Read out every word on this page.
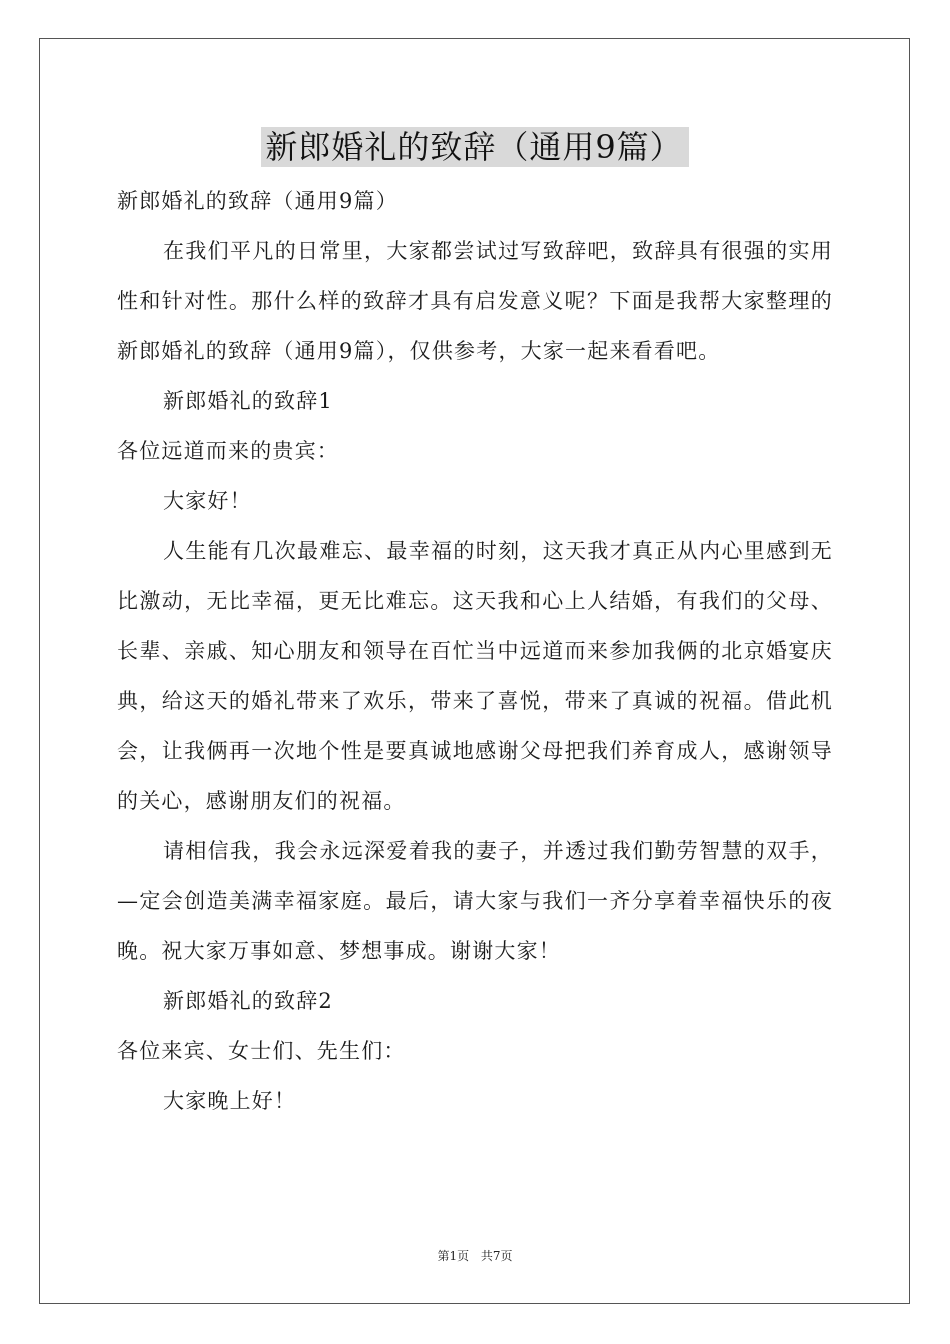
新郎婚礼的致辞（通用9篇）

新郎婚礼的致辞（通用9篇）

在我们平凡的日常里，大家都尝试过写致辞吧，致辞具有很强的实用性和针对性。那什么样的致辞才具有启发意义呢？下面是我帮大家整理的新郎婚礼的致辞（通用9篇），仅供参考，大家一起来看看吧。

新郎婚礼的致辞1

各位远道而来的贵宾：

大家好！

人生能有几次最难忘、最幸福的时刻，这天我才真正从内心里感到无比激动，无比幸福，更无比难忘。这天我和心上人结婚，有我们的父母、长辈、亲戚、知心朋友和领导在百忙当中远道而来参加我俩的北京婚宴庆典，给这天的婚礼带来了欢乐，带来了喜悦，带来了真诚的祝福。借此机会，让我俩再一次地个性是要真诚地感谢父母把我们养育成人，感谢领导的关心，感谢朋友们的祝福。

请相信我，我会永远深爱着我的妻子，并透过我们勤劳智慧的双手，—定会创造美满幸福家庭。最后，请大家与我们一齐分享着幸福快乐的夜晚。祝大家万事如意、梦想事成。谢谢大家！

新郎婚礼的致辞2

各位来宾、女士们、先生们：

大家晚上好！

第1页 共7页
